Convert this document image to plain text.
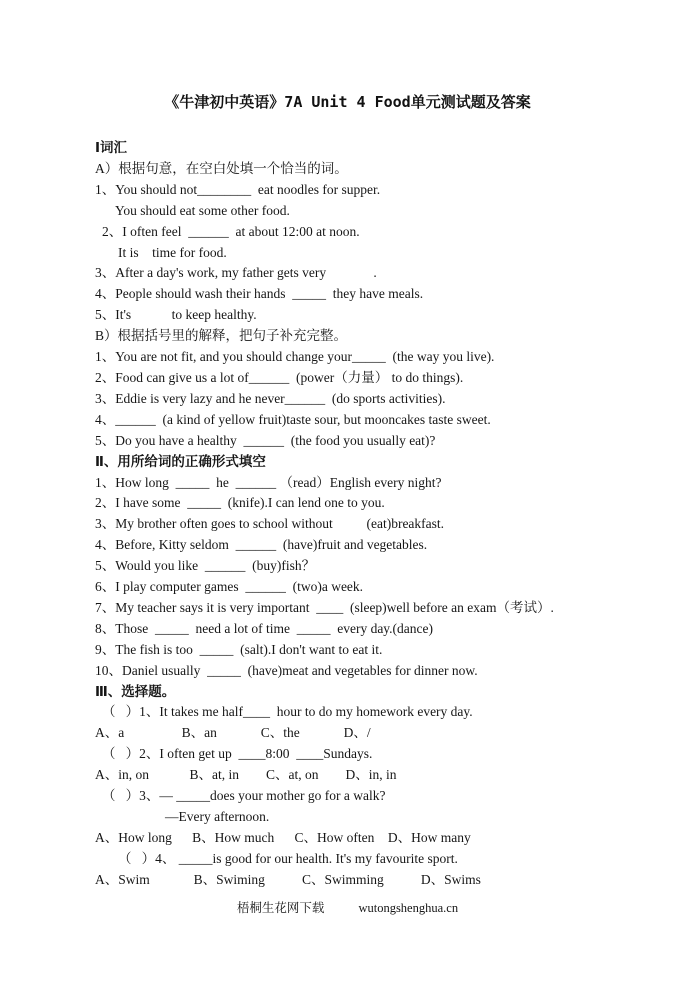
《牛津初中英语》7A Unit 4 Food单元测试题及答案
Ⅰ词汇
A）根据句意，在空白处填一个恰当的词。
1、You should not________  eat noodles for supper.
You should eat some other food.
2、I often feel  ______  at about 12:00 at noon.
It is    time for food.
3、After a day's work, my father gets very              .
4、People should wash their hands  _____  they have meals.
5、It's            to keep healthy.
B）根据括号里的解释，把句子补充完整。
1、You are not fit, and you should change your_____  (the way you live).
2、Food can give us a lot of______  (power（力量） to do things).
3、Eddie is very lazy and he never______  (do sports activities).
4、______  (a kind of yellow fruit)taste sour, but mooncakes taste sweet.
5、Do you have a healthy  ______  (the food you usually eat)?
Ⅱ、用所给词的正确形式填空
1、How long  _____  he  ______ （read）English every night?
2、I have some  _____  (knife).I can lend one to you.
3、My brother often goes to school without          (eat)breakfast.
4、Before, Kitty seldom  ______  (have)fruit and vegetables.
5、Would you like  ______  (buy)fish？
6、I play computer games  ______  (two)a week.
7、My teacher says it is very important  ____  (sleep)well before an exam（考试）.
8、Those  _____  need a lot of time  _____  every day.(dance)
9、The fish is too  _____  (salt).I don't want to eat it.
10、Daniel usually  _____  (have)meat and vegetables for dinner now.
Ⅲ、选择题。
（   ）1、It takes me half____  hour to do my homework every day.
A、a                 B、an             C、the             D、/
（   ）2、I often get up  ____8:00  ____Sundays.
A、in, on            B、at, in        C、at, on        D、in, in
（   ）3、— _____does your mother go for a walk?
—Every afternoon.
A、How long      B、How much      C、How often    D、How many
（   ）4、 _____is good for our health. It's my favourite sport.
A、Swim             B、Swiming           C、Swimming           D、Swims
梧桐生花网下载	wutongshenghua.cn
